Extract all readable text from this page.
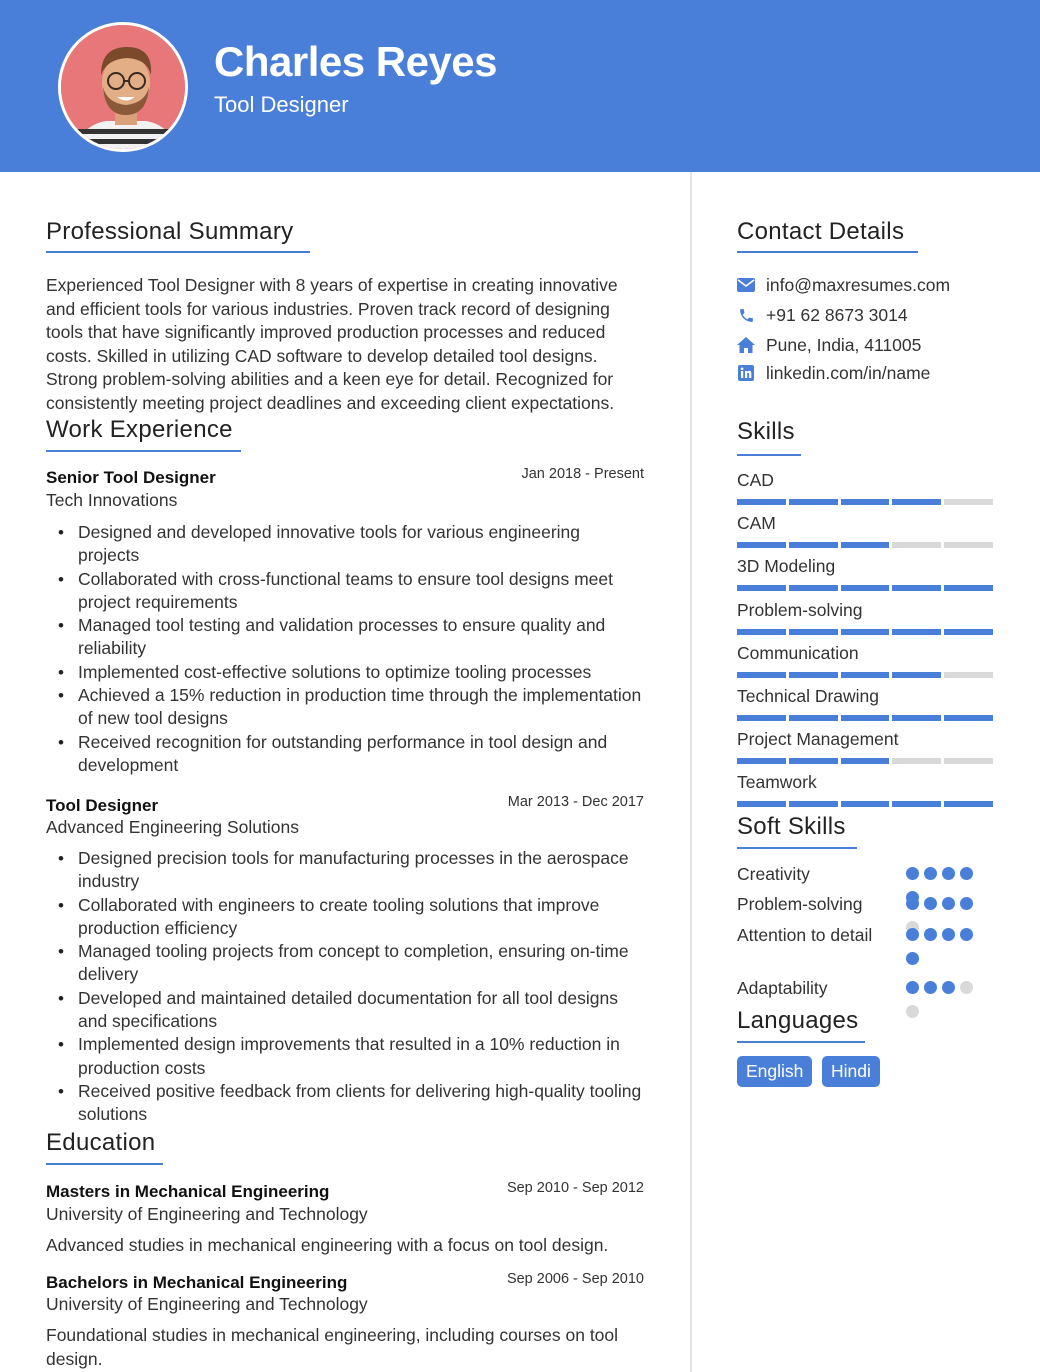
Charles Reyes
Tool Designer
Professional Summary
Experienced Tool Designer with 8 years of expertise in creating innovative and efficient tools for various industries. Proven track record of designing tools that have significantly improved production processes and reduced costs. Skilled in utilizing CAD software to develop detailed tool designs. Strong problem-solving abilities and a keen eye for detail. Recognized for consistently meeting project deadlines and exceeding client expectations.
Work Experience
Senior Tool Designer	Jan 2018 - Present
Tech Innovations
• Designed and developed innovative tools for various engineering projects
• Collaborated with cross-functional teams to ensure tool designs meet project requirements
• Managed tool testing and validation processes to ensure quality and reliability
• Implemented cost-effective solutions to optimize tooling processes
• Achieved a 15% reduction in production time through the implementation of new tool designs
• Received recognition for outstanding performance in tool design and development
Tool Designer	Mar 2013 - Dec 2017
Advanced Engineering Solutions
• Designed precision tools for manufacturing processes in the aerospace industry
• Collaborated with engineers to create tooling solutions that improve production efficiency
• Managed tooling projects from concept to completion, ensuring on-time delivery
• Developed and maintained detailed documentation for all tool designs and specifications
• Implemented design improvements that resulted in a 10% reduction in production costs
• Received positive feedback from clients for delivering high-quality tooling solutions
Education
Masters in Mechanical Engineering	Sep 2010 - Sep 2012
University of Engineering and Technology
Advanced studies in mechanical engineering with a focus on tool design.
Bachelors in Mechanical Engineering	Sep 2006 - Sep 2010
University of Engineering and Technology
Foundational studies in mechanical engineering, including courses on tool design.
Contact Details
info@maxresumes.com
+91 62 8673 3014
Pune, India, 411005
linkedin.com/in/name
Skills
CAD
CAM
3D Modeling
Problem-solving
Communication
Technical Drawing
Project Management
Teamwork
Soft Skills
Creativity
Problem-solving
Attention to detail
Adaptability
Languages
English	Hindi
